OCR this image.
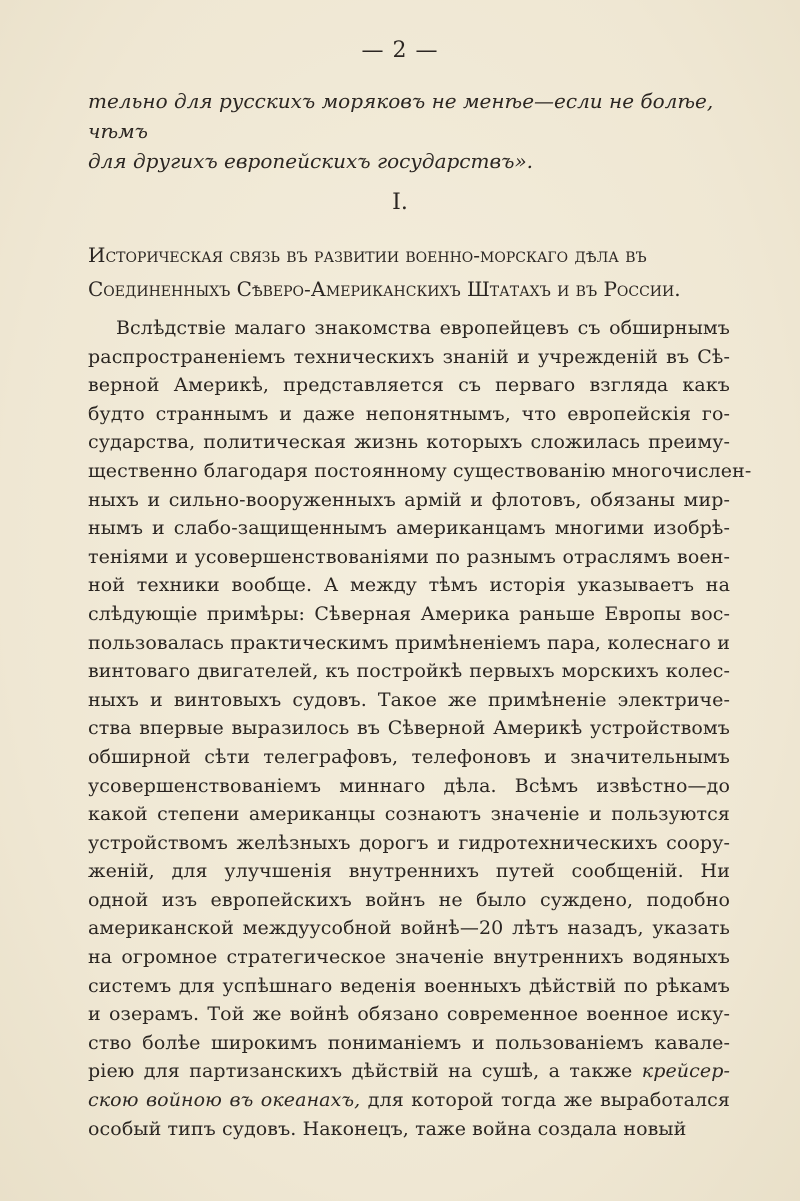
— 2 —

тельно для русскихъ моряковъ не менѣе—если не болѣе, чѣмъ

для другихъ европейскихъ государствъ».

I.

Историческая связь въ развитии военно-морскаго дѣла въ

Соединенныхъ Сѣверо-Американскихъ Штатахъ и въ России.

Вслѣдствіе малаго знакомства европейцевъ съ обширнымъ

распространеніемъ техническихъ знаній и учрежденій въ Сѣ-

верной Америкѣ, представляется съ перваго взгляда какъ

будто страннымъ и даже непонятнымъ, что европейскія го-

сударства, политическая жизнь которыхъ сложилась преиму-

щественно благодаря постоянному существованію многочислен-

ныхъ и сильно-вооруженныхъ армій и флотовъ, обязаны мир-

нымъ и слабо-защищеннымъ американцамъ многими изобрѣ-

теніями и усовершенствованіями по разнымъ отраслямъ воен-

ной техники вообще. А между тѣмъ исторія указываетъ на

слѣдующіе примѣры: Сѣверная Америка раньше Европы вос-

пользовалась практическимъ примѣненіемъ пара, колеснаго и

винтоваго двигателей, къ постройкѣ первыхъ морскихъ колес-

ныхъ и винтовыхъ судовъ. Такое же примѣненіе электриче-

ства впервые выразилось въ Сѣверной Америкѣ устройствомъ

обширной сѣти телеграфовъ, телефоновъ и значительнымъ

усовершенствованіемъ миннаго дѣла. Всѣмъ извѣстно—до

какой степени американцы сознаютъ значеніе и пользуются

устройствомъ желѣзныхъ дорогъ и гидротехническихъ соору-

женій, для улучшенія внутреннихъ путей сообщеній. Ни

одной изъ европейскихъ войнъ не было суждено, подобно

американской междуусобной войнѣ—20 лѣтъ назадъ, указать

на огромное стратегическое значеніе внутреннихъ водяныхъ

системъ для успѣшнаго веденія военныхъ дѣйствій по рѣкамъ

и озерамъ. Той же войнѣ обязано современное военное иску-

ство болѣе широкимъ пониманіемъ и пользованіемъ кавале-

ріею для партизанскихъ дѣйствій на сушѣ, а также крейсер-

скою войною въ океанахъ, для которой тогда же выработался

особый типъ судовъ. Наконецъ, таже война создала новый
